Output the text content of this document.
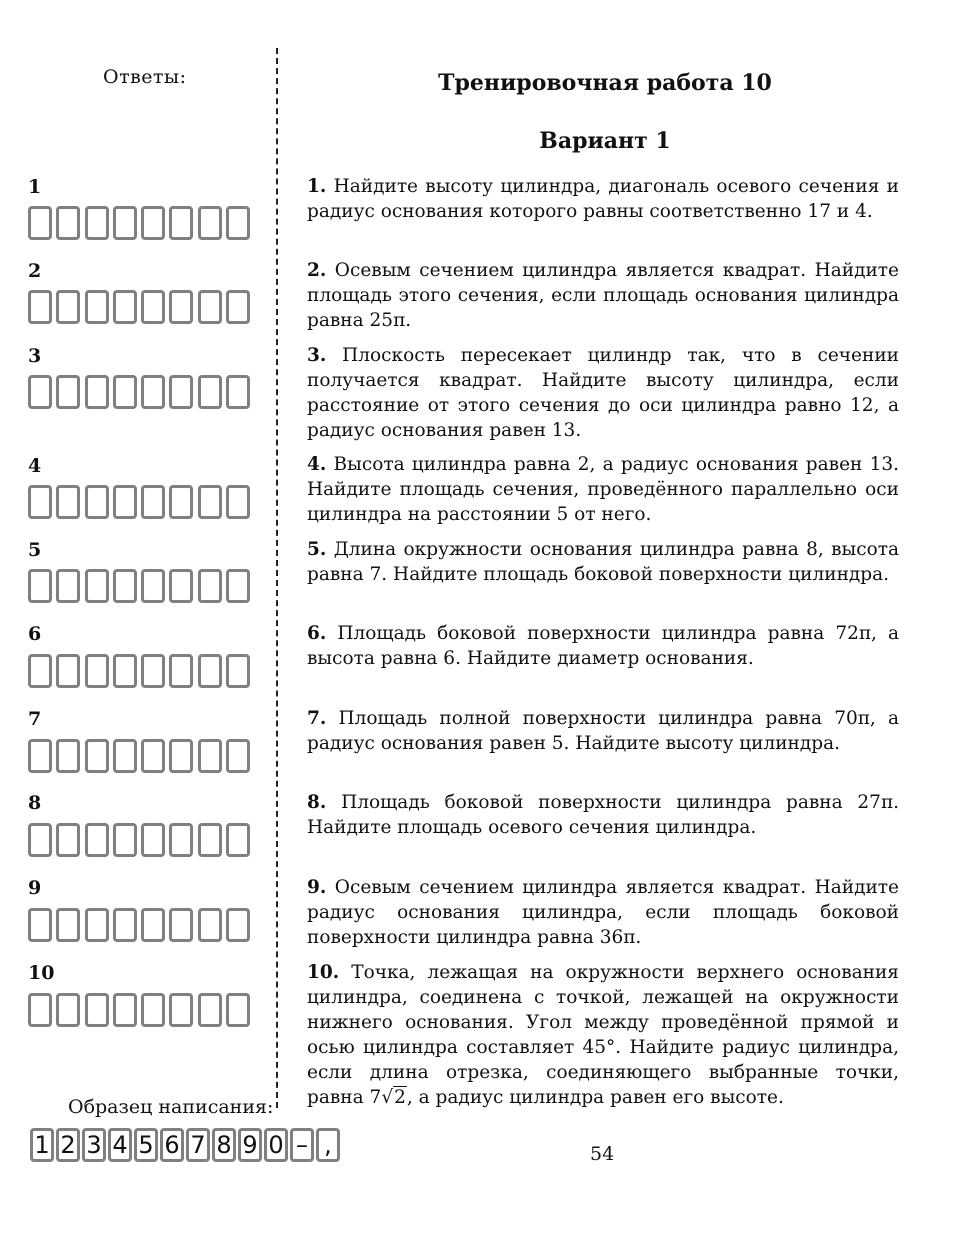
Ответы:	Тренировочная работа 10
Вариант 1
1
2
3
4
5
6
7
8
9
10
1. Найдите высоту цилиндра, диагональ осевого сечения и радиус основания которого равны соответственно 17 и 4.
2. Осевым сечением цилиндра является квадрат. Найдите площадь этого сечения, если площадь основания цилиндра равна 25π.
3. Плоскость пересекает цилиндр так, что в сечении получается квадрат. Найдите высоту цилиндра, если расстояние от этого сечения до оси цилиндра равно 12, а радиус основания равен 13.
4. Высота цилиндра равна 2, а радиус основания равен 13. Найдите площадь сечения, проведённого параллельно оси цилиндра на расстоянии 5 от него.
5. Длина окружности основания цилиндра равна 8, высота равна 7. Найдите площадь боковой поверхности цилиндра.
6. Площадь боковой поверхности цилиндра равна 72π, а высота равна 6. Найдите диаметр основания.
7. Площадь полной поверхности цилиндра равна 70π, а радиус основания равен 5. Найдите высоту цилиндра.
8. Площадь боковой поверхности цилиндра равна 27π. Найдите площадь осевого сечения цилиндра.
9. Осевым сечением цилиндра является квадрат. Найдите радиус основания цилиндра, если площадь боковой поверхности цилиндра равна 36π.
10. Точка, лежащая на окружности верхнего основания цилиндра, соединена с точкой, лежащей на окружности нижнего основания. Угол между проведённой прямой и осью цилиндра составляет 45°. Найдите радиус цилиндра, если длина отрезка, соединяющего выбранные точки, равна 7√2, а радиус цилиндра равен его высоте.
Образец написания:
1 2 3 4 5 6 7 8 9 0 – ,	54
